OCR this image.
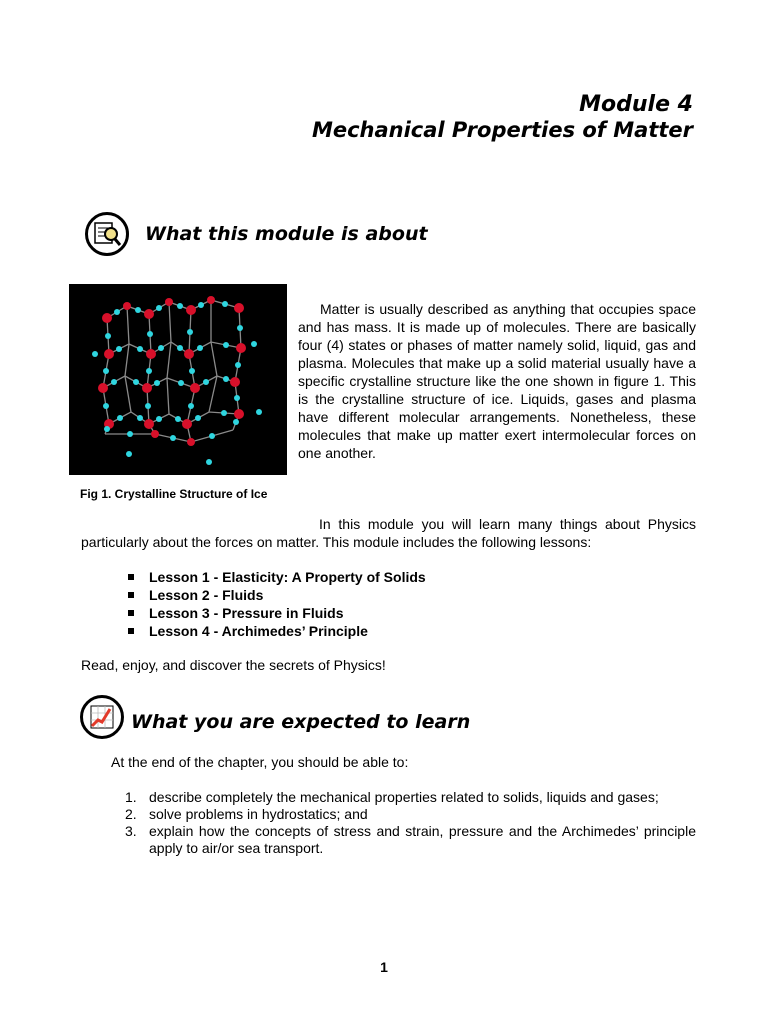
Module 4
Mechanical Properties of Matter
What this module is about
Fig 1. Crystalline Structure of Ice
Matter is usually described as anything that occupies space and has mass. It is made up of molecules. There are basically four (4) states or phases of matter namely solid, liquid, gas and plasma. Molecules that make up a solid material usually have a specific crystalline structure like the one shown in figure 1. This is the crystalline structure of ice. Liquids, gases and plasma have different molecular arrangements. Nonetheless, these molecules that make up matter exert intermolecular forces on one another.
In this module you will learn many things about Physics particularly about the forces on matter. This module includes the following lessons:
Lesson 1 - Elasticity: A Property of Solids
Lesson 2 - Fluids
Lesson 3 - Pressure in Fluids
Lesson 4 - Archimedes’ Principle
Read, enjoy, and discover the secrets of Physics!
What you are expected to learn
At the end of the chapter, you should be able to:
1. describe completely the mechanical properties related to solids, liquids and gases;
2. solve problems in hydrostatics; and
3. explain how the concepts of stress and strain, pressure and the Archimedes’ principle apply to air/or sea transport.
1
